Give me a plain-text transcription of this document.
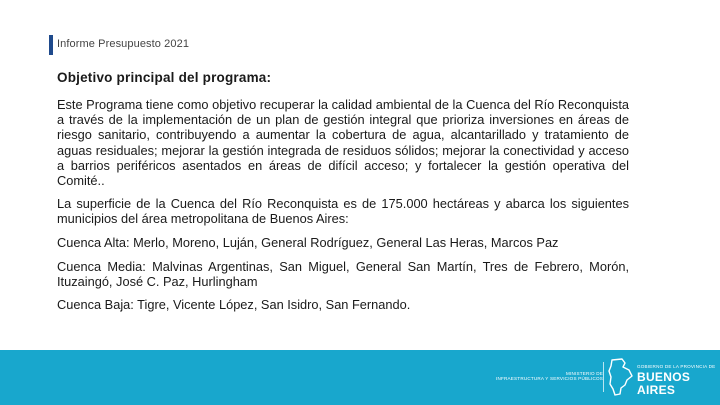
Informe Presupuesto 2021

Objetivo principal del programa:

Este Programa tiene como objetivo recuperar la calidad ambiental de la Cuenca del Río Reconquista a través de la implementación de un plan de gestión integral que prioriza inversiones en áreas de riesgo sanitario, contribuyendo a aumentar la cobertura de agua, alcantarillado y tratamiento de aguas residuales; mejorar la gestión integrada de residuos sólidos; mejorar la conectividad y acceso a barrios periféricos asentados en áreas de difícil acceso; y fortalecer la gestión operativa del Comité..

La superficie de la Cuenca del Río Reconquista es de 175.000 hectáreas y abarca los siguientes municipios del área metropolitana de Buenos Aires:

Cuenca Alta: Merlo, Moreno, Luján, General Rodríguez, General Las Heras, Marcos Paz

Cuenca Media: Malvinas Argentinas, San Miguel, General San Martín, Tres de Febrero, Morón, Ituzaingó, José C. Paz, Hurlingham

Cuenca Baja: Tigre, Vicente López, San Isidro, San Fernando.

MINISTERIO DE
INFRAESTRUCTURA Y SERVICIOS PÚBLICOS
GOBIERNO DE LA PROVINCIA DE
BUENOS AIRES
